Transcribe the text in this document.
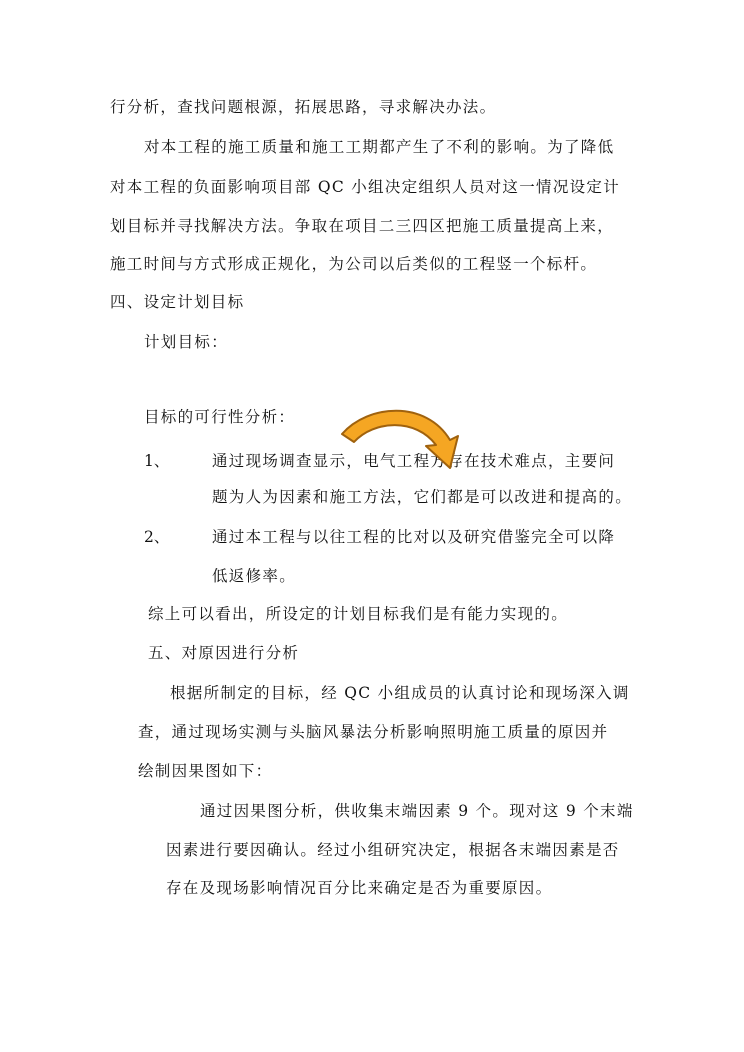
行分析，查找问题根源，拓展思路，寻求解决办法。
对本工程的施工质量和施工工期都产生了不利的影响。为了降低
对本工程的负面影响项目部 QC 小组决定组织人员对这一情况设定计
划目标并寻找解决方法。争取在项目二三四区把施工质量提高上来，
施工时间与方式形成正规化，为公司以后类似的工程竖一个标杆。
四、设定计划目标
计划目标：
目标的可行性分析：
1、	通过现场调查显示，电气工程方存在技术难点，主要问
题为人为因素和施工方法，它们都是可以改进和提高的。
2、	通过本工程与以往工程的比对以及研究借鉴完全可以降
低返修率。
综上可以看出，所设定的计划目标我们是有能力实现的。
五、对原因进行分析
根据所制定的目标，经 QC 小组成员的认真讨论和现场深入调
查，通过现场实测与头脑风暴法分析影响照明施工质量的原因并
绘制因果图如下：
通过因果图分析，供收集末端因素 9 个。现对这 9 个末端
因素进行要因确认。经过小组研究决定，根据各末端因素是否
存在及现场影响情况百分比来确定是否为重要原因。
